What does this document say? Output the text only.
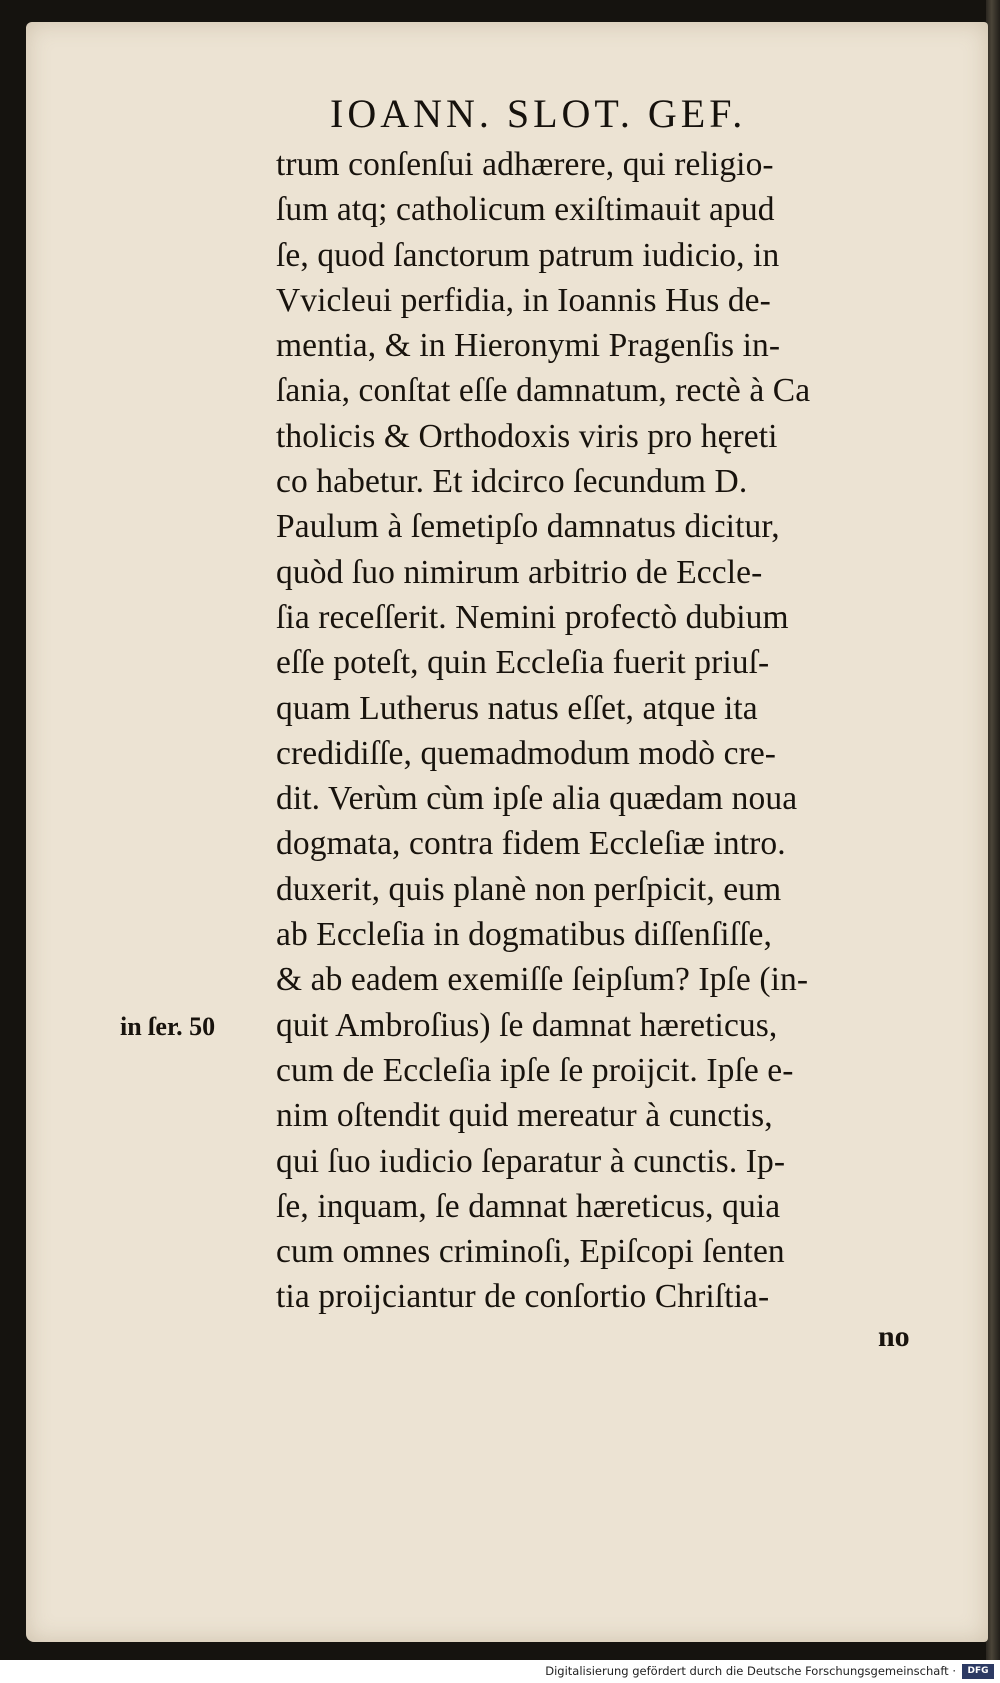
IOANN. SLOT. GEF.
trum conſenſui adhærere, qui religio-
ſum atq; catholicum exiſtimauit apud
ſe, quod ſanctorum patrum iudicio, in
Vvicleui perfidia, in Ioannis Hus de-
mentia, & in Hieronymi Pragenſis in-
ſania, conſtat eſſe damnatum, rectè à Ca
tholicis & Orthodoxis viris pro hęreti
co habetur. Et idcirco ſecundum D.
Paulum à ſemetipſo damnatus dicitur,
quòd ſuo nimirum arbitrio de Eccle-
ſia receſſerit. Nemini profectò dubium
eſſe poteſt, quin Eccleſia fuerit priuſ-
quam Lutherus natus eſſet, atque ita
credidiſſe, quemadmodum modò cre-
dit. Verùm cùm ipſe alia quædam noua
dogmata, contra fidem Eccleſiæ intro.
duxerit, quis planè non perſpicit, eum
ab Eccleſia in dogmatibus diſſenſiſſe,
& ab eadem exemiſſe ſeipſum? Ipſe (in-
quit Ambroſius) ſe damnat hæreticus,
cum de Eccleſia ipſe ſe proijcit. Ipſe e-
nim oſtendit quid mereatur à cunctis,
qui ſuo iudicio ſeparatur à cunctis. Ip-
ſe, inquam, ſe damnat hæreticus, quia
cum omnes criminoſi, Epiſcopi ſenten
tia proijciantur de conſortio Chriſtia-
in ſer. 50
no
Digitalisierung gefördert durch die Deutsche Forschungsgemeinschaft ·	DFG
